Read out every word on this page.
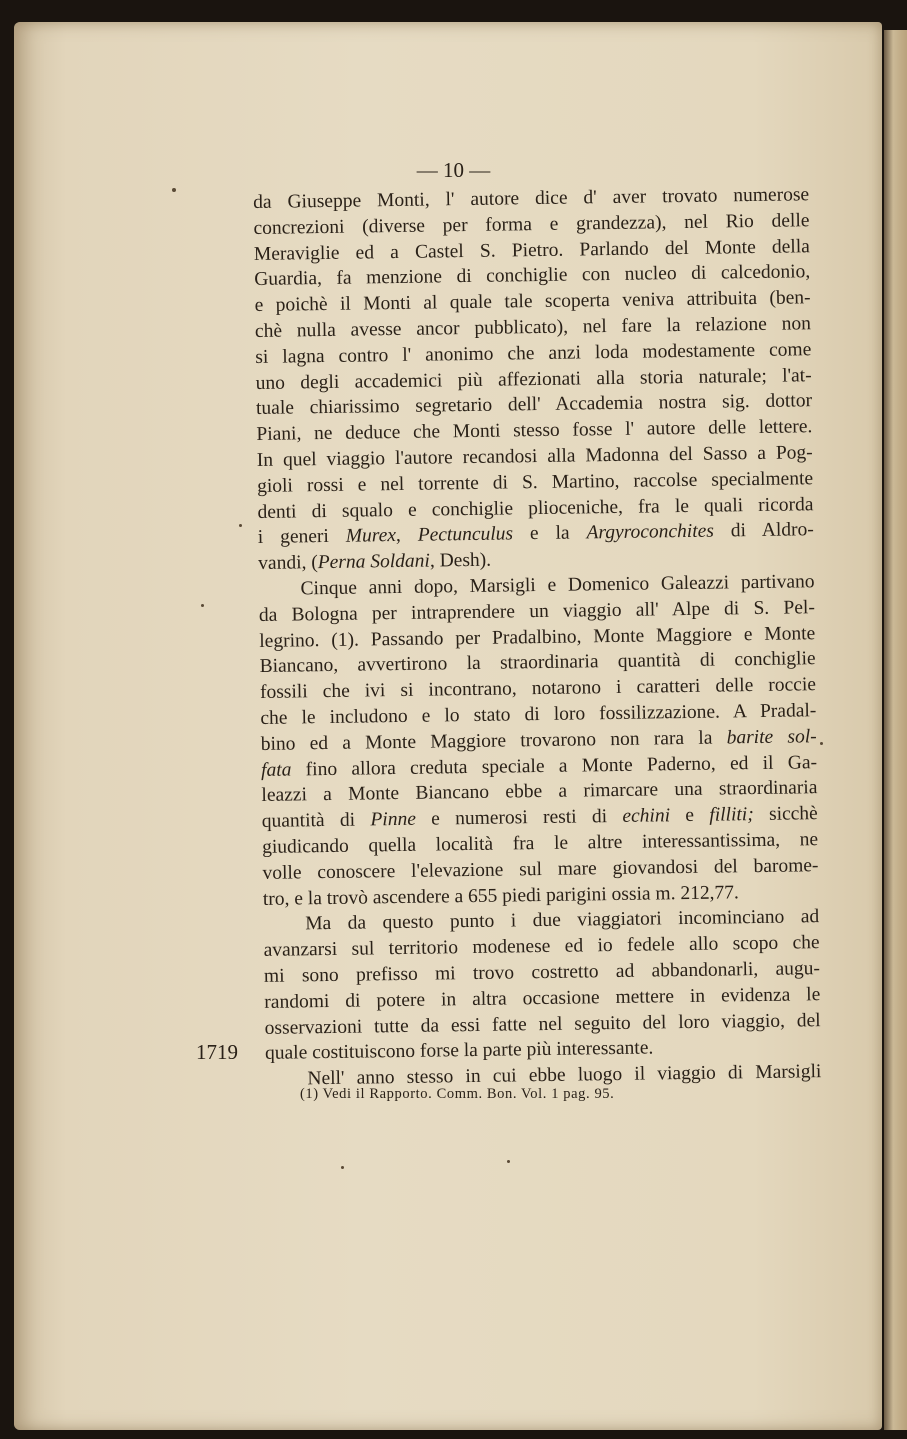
— 10 —
da Giuseppe Monti, l' autore dice d' aver trovato numerose
concrezioni (diverse per forma e grandezza), nel Rio delle
Meraviglie ed a Castel S. Pietro. Parlando del Monte della
Guardia, fa menzione di conchiglie con nucleo di calcedonio,
e poichè il Monti al quale tale scoperta veniva attribuita (ben-
chè nulla avesse ancor pubblicato), nel fare la relazione non
si lagna contro l' anonimo che anzi loda modestamente come
uno degli accademici più affezionati alla storia naturale; l'at-
tuale chiarissimo segretario dell' Accademia nostra sig. dottor
Piani, ne deduce che Monti stesso fosse l' autore delle lettere.
In quel viaggio l'autore recandosi alla Madonna del Sasso a Pog-
gioli rossi e nel torrente di S. Martino, raccolse specialmente
denti di squalo e conchiglie plioceniche, fra le quali ricorda
i generi Murex, Pectunculus e la Argyroconchites di Aldro-
vandi, (Perna Soldani, Desh).
Cinque anni dopo, Marsigli e Domenico Galeazzi partivano
da Bologna per intraprendere un viaggio all' Alpe di S. Pel-
legrino. (1). Passando per Pradalbino, Monte Maggiore e Monte
Biancano, avvertirono la straordinaria quantità di conchiglie
fossili che ivi si incontrano, notarono i caratteri delle roccie
che le includono e lo stato di loro fossilizzazione. A Pradal-
bino ed a Monte Maggiore trovarono non rara la barite sol-
fata fino allora creduta speciale a Monte Paderno, ed il Ga-
leazzi a Monte Biancano ebbe a rimarcare una straordinaria
quantità di Pinne e numerosi resti di echini e filliti; sicchè
giudicando quella località fra le altre interessantissima, ne
volle conoscere l'elevazione sul mare giovandosi del barome-
tro, e la trovò ascendere a 655 piedi parigini ossia m. 212,77.
Ma da questo punto i due viaggiatori incominciano ad
avanzarsi sul territorio modenese ed io fedele allo scopo che
mi sono prefisso mi trovo costretto ad abbandonarli, augu-
randomi di potere in altra occasione mettere in evidenza le
osservazioni tutte da essi fatte nel seguito del loro viaggio, del
quale costituiscono forse la parte più interessante.
Nell' anno stesso in cui ebbe luogo il viaggio di Marsigli
1719
(1) Vedi il Rapporto. Comm. Bon. Vol. 1 pag. 95.
